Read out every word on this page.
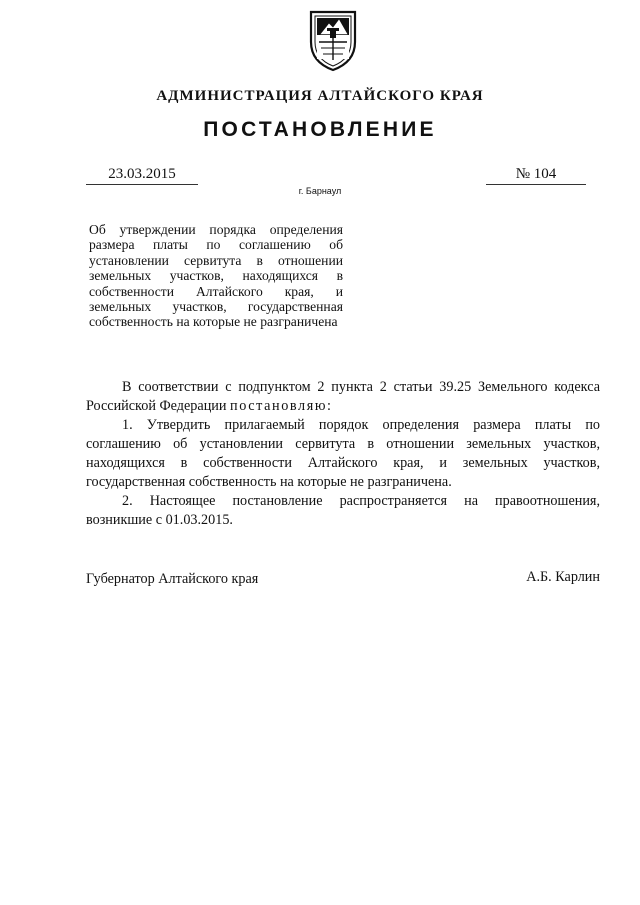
АДМИНИСТРАЦИЯ АЛТАЙСКОГО КРАЯ
ПОСТАНОВЛЕНИЕ
23.03.2015	№ 104
г. Барнаул
Об утверждении порядка определения размера платы по соглашению об установлении сервитута в отношении земельных участков, находящихся в собственности Алтайского края, и земельных участков, государственная собственность на которые не разграничена

В соответствии с подпунктом 2 пункта 2 статьи 39.25 Земельного кодекса Российской Федерации постановляю:

1. Утвердить прилагаемый порядок определения размера платы по соглашению об установлении сервитута в отношении земельных участков, находящихся в собственности Алтайского края, и земельных участков, государственная собственность на которые не разграничена.

2. Настоящее постановление распространяется на правоотношения, возникшие с 01.03.2015.

Губернатор Алтайского края	А.Б. Карлин
